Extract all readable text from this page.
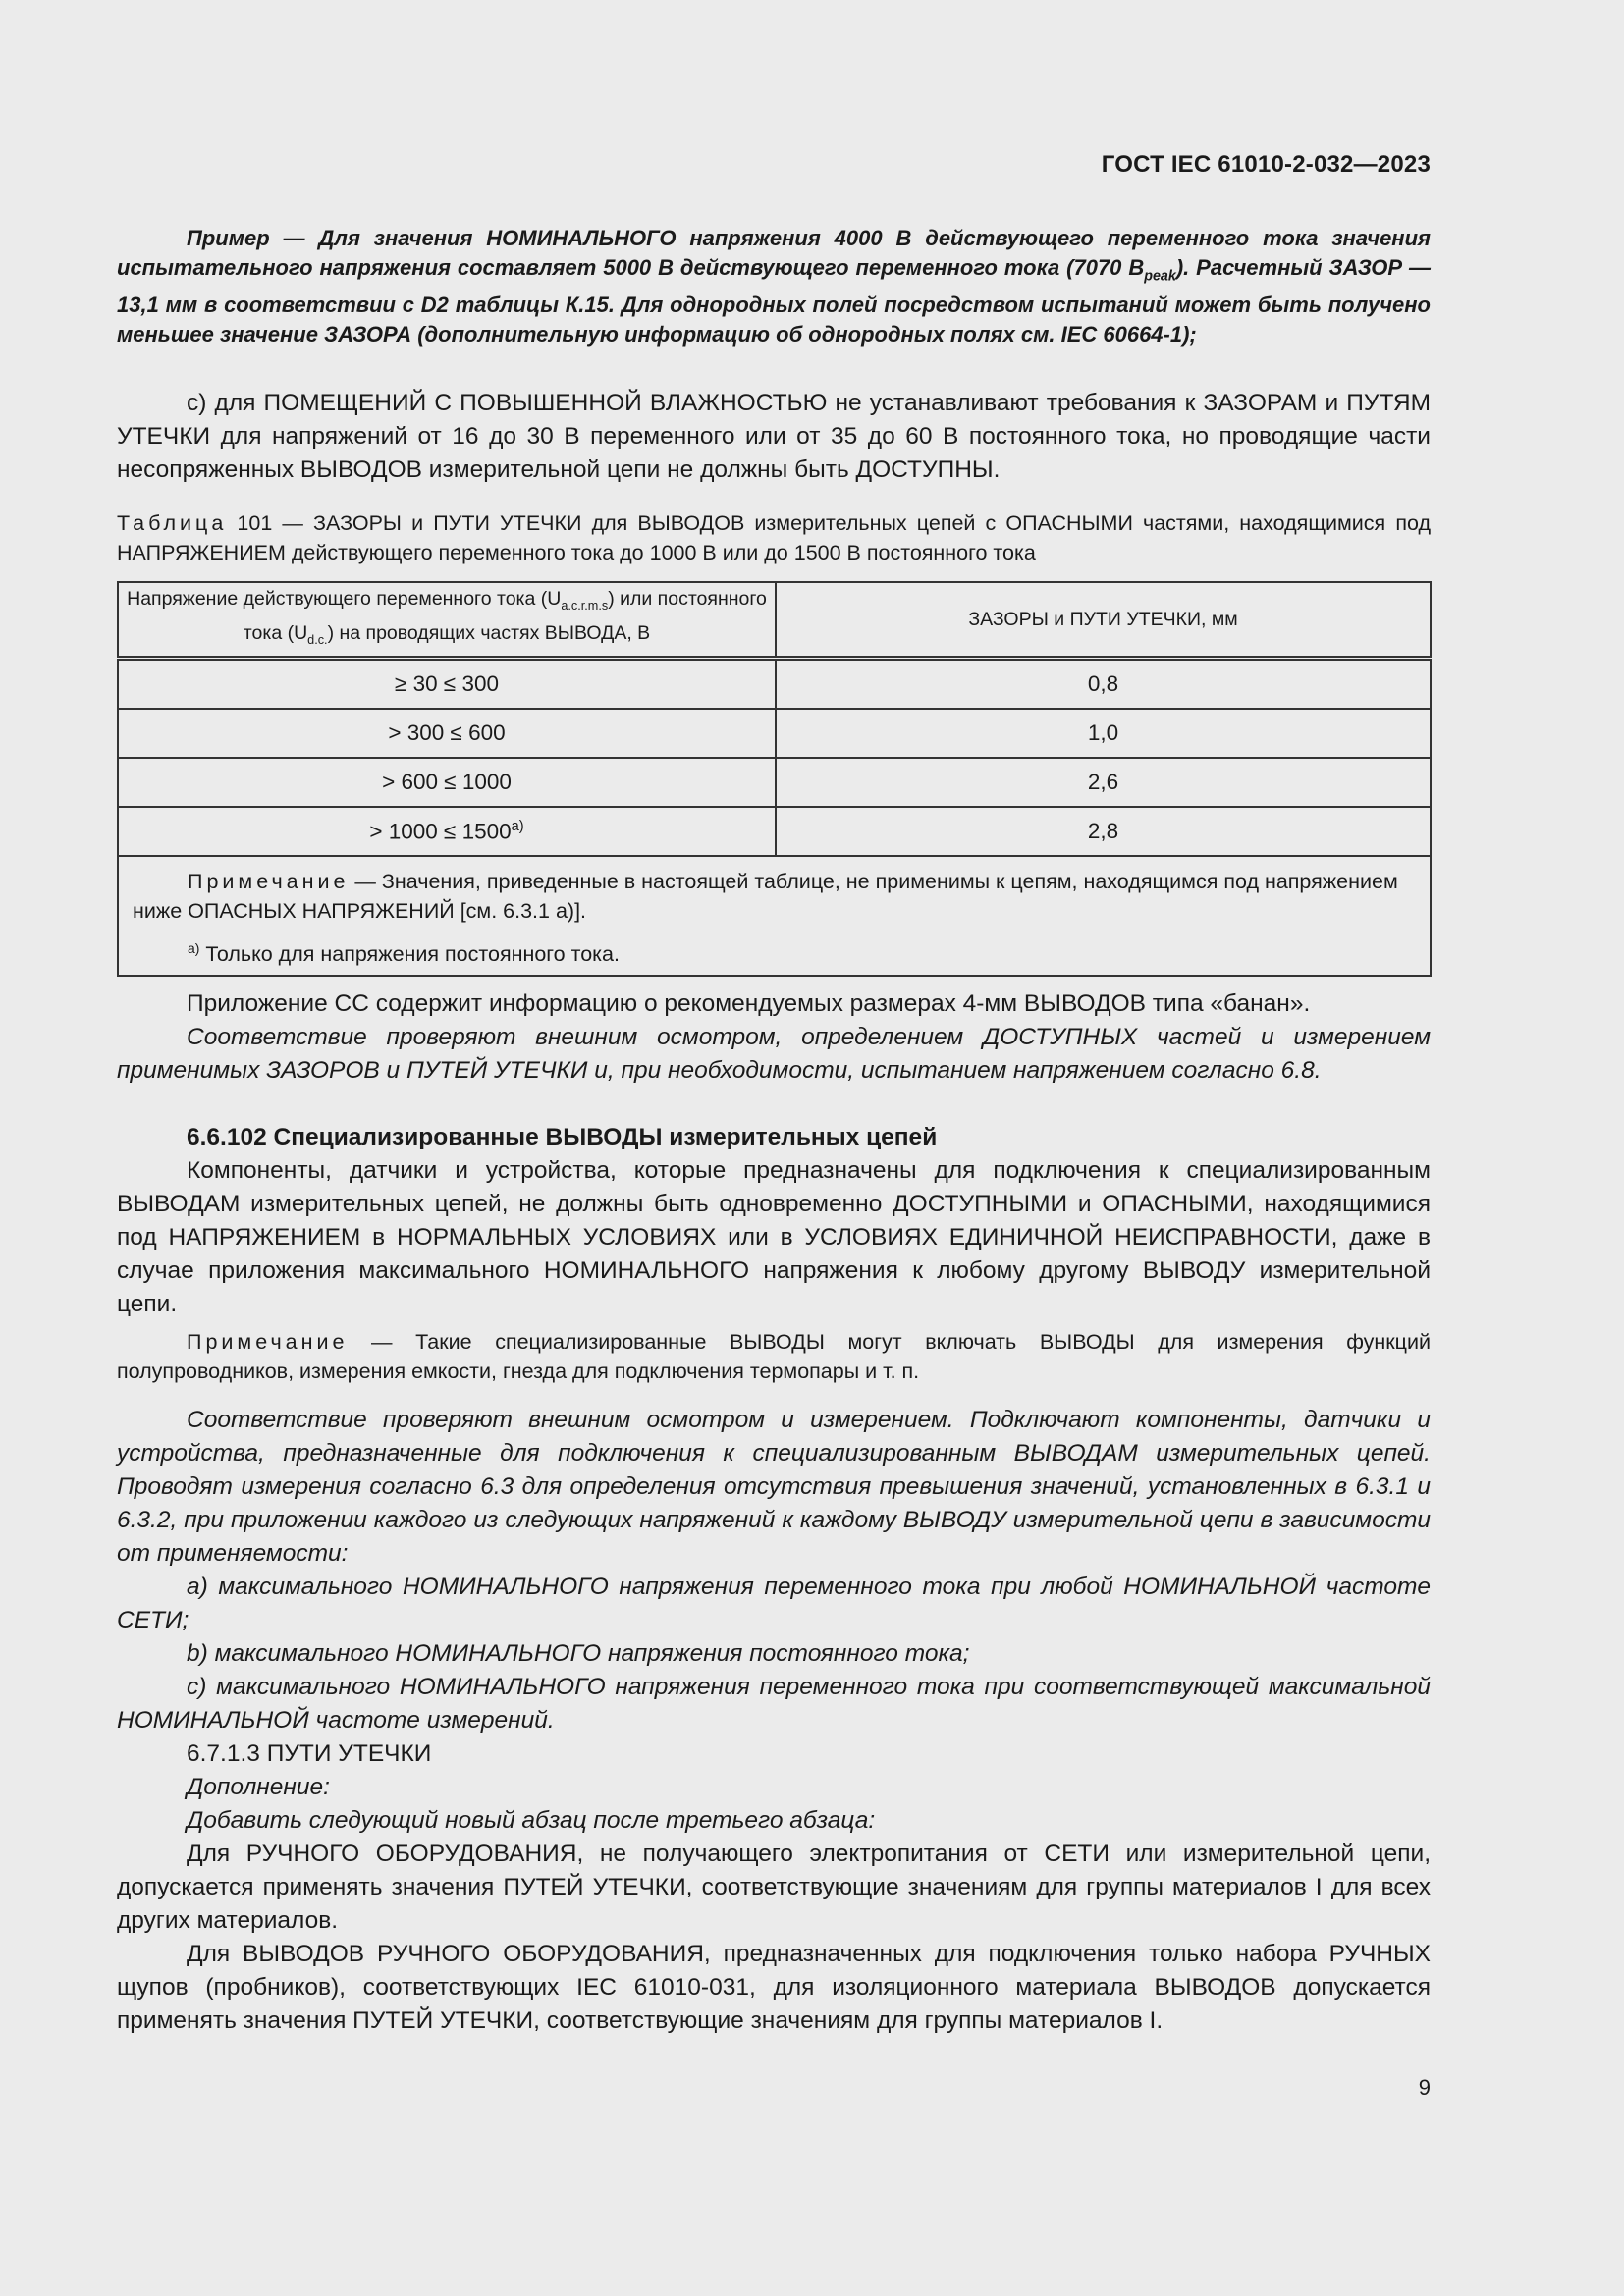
ГОСТ IEC 61010-2-032—2023

Пример — Для значения НОМИНАЛЬНОГО напряжения 4000 В действующего переменного тока значения испытательного напряжения составляет 5000 В действующего переменного тока (7070 $В_{peak}$). Расчетный ЗАЗОР — 13,1 мм в соответствии с D2 таблицы К.15. Для однородных полей посредством испытаний может быть получено меньшее значение ЗАЗОРА (дополнительную информацию об однородных полях см. IEC 60664-1);

c) для ПОМЕЩЕНИЙ С ПОВЫШЕННОЙ ВЛАЖНОСТЬЮ не устанавливают требования к ЗАЗОРАМ и ПУТЯМ УТЕЧКИ для напряжений от 16 до 30 В переменного или от 35 до 60 В постоянного тока, но проводящие части несопряженных ВЫВОДОВ измерительной цепи не должны быть ДОСТУПНЫ.

Таблица 101 — ЗАЗОРЫ и ПУТИ УТЕЧКИ для ВЫВОДОВ измерительных цепей с ОПАСНЫМИ частями, находящимися под НАПРЯЖЕНИЕМ действующего переменного тока до 1000 В или до 1500 В постоянного тока

Напряжение действующего переменного тока $(U_{a.c.r.m.s})$ или постоянного тока $(U_{d.c.})$ на проводящих частях ВЫВОДА, В	ЗАЗОРЫ и ПУТИ УТЕЧКИ, мм
≥ 30 ≤ 300	0,8
> 300 ≤ 600	1,0
> 600 ≤ 1000	2,6
> $1000 \le 1500^{a)}$	2,8

Примечание — Значения, приведенные в настоящей таблице, не применимы к цепям, находящимся под напряжением ниже ОПАСНЫХ НАПРЯЖЕНИЙ [см. 6.3.1 а)].

$^{a)}$ Только для напряжения постоянного тока.	

Приложение СС содержит информацию о рекомендуемых размерах 4-мм ВЫВОДОВ типа «банан».

Соответствие проверяют внешним осмотром, определением ДОСТУПНЫХ частей и измерением применимых ЗАЗОРОВ и ПУТЕЙ УТЕЧКИ и, при необходимости, испытанием напряжением согласно 6.8.

6.6.102 Специализированные ВЫВОДЫ измерительных цепей

Компоненты, датчики и устройства, которые предназначены для подключения к специализированным ВЫВОДАМ измерительных цепей, не должны быть одновременно ДОСТУПНЫМИ и ОПАСНЫМИ, находящимися под НАПРЯЖЕНИЕМ в НОРМАЛЬНЫХ УСЛОВИЯХ или в УСЛОВИЯХ ЕДИНИЧНОЙ НЕИСПРАВНОСТИ, даже в случае приложения максимального НОМИНАЛЬНОГО напряжения к любому другому ВЫВОДУ измерительной цепи.

Примечание — Такие специализированные ВЫВОДЫ могут включать ВЫВОДЫ для измерения функций полупроводников, измерения емкости, гнезда для подключения термопары и т. п.

Соответствие проверяют внешним осмотром и измерением. Подключают компоненты, датчики и устройства, предназначенные для подключения к специализированным ВЫВОДАМ измерительных цепей. Проводят измерения согласно 6.3 для определения отсутствия превышения значений, установленных в 6.3.1 и 6.3.2, при приложении каждого из следующих напряжений к каждому ВЫВОДУ измерительной цепи в зависимости от применяемости:

a) максимального НОМИНАЛЬНОГО напряжения переменного тока при любой НОМИНАЛЬНОЙ частоте СЕТИ;

b) максимального НОМИНАЛЬНОГО напряжения постоянного тока;

c) максимального НОМИНАЛЬНОГО напряжения переменного тока при соответствующей максимальной НОМИНАЛЬНОЙ частоте измерений.

6.7.1.3 ПУТИ УТЕЧКИ

Дополнение:

Добавить следующий новый абзац после третьего абзаца:

Для РУЧНОГО ОБОРУДОВАНИЯ, не получающего электропитания от СЕТИ или измерительной цепи, допускается применять значения ПУТЕЙ УТЕЧКИ, соответствующие значениям для группы материалов I для всех других материалов.

Для ВЫВОДОВ РУЧНОГО ОБОРУДОВАНИЯ, предназначенных для подключения только набора РУЧНЫХ щупов (пробников), соответствующих IEC 61010-031, для изоляционного материала ВЫВОДОВ допускается применять значения ПУТЕЙ УТЕЧКИ, соответствующие значениям для группы материалов I.

9
